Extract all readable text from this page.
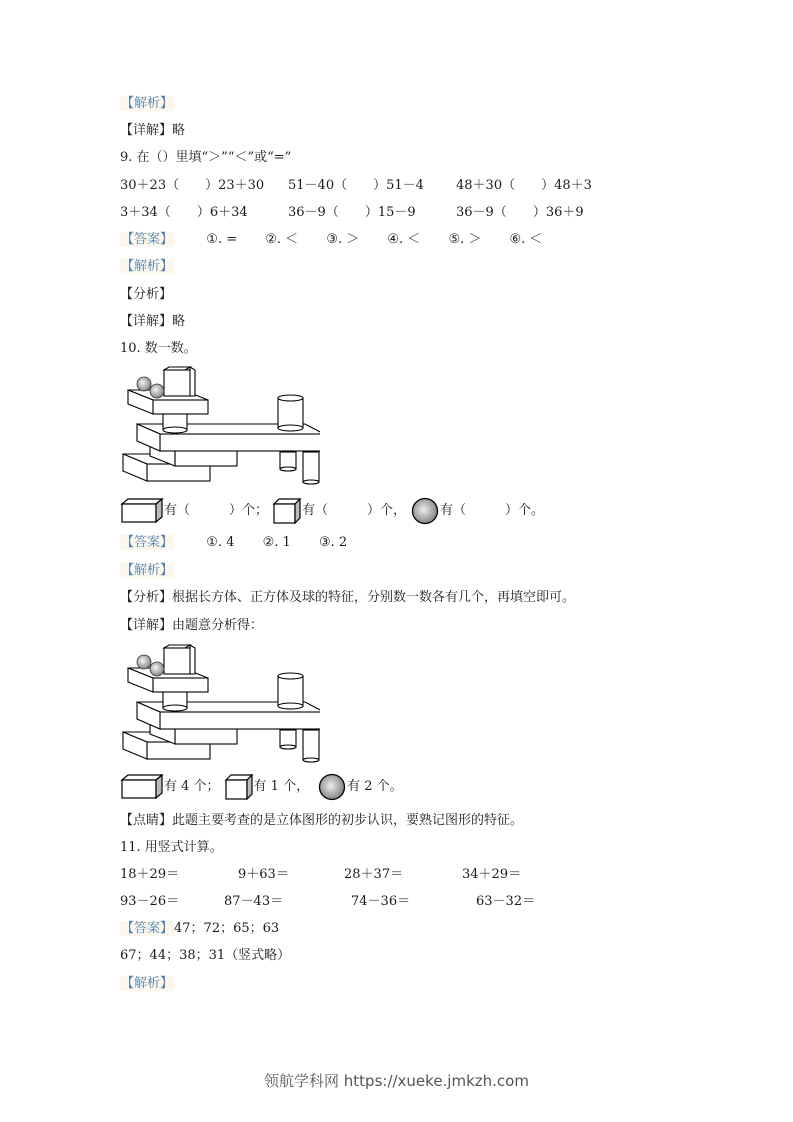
【解析】
【详解】略
9. 在（）里填“＞”“＜”或“=”
30＋23（　　）23＋30 51－40（　　）51－4 48＋30（　　）48＋3
3＋34（　　）6＋34	36－9（　　）15－9	36－9（　　）36＋9
【答案】	①. = ②. ＜ ③. ＞ ④. ＜ ⑤. ＞ ⑥. ＜
【解析】
【分析】
【详解】略
10. 数一数。
有（　　　）个；	有（　　　）个，	有（　　　）个。
【答案】	①. 4 ②. 1 ③. 2
【解析】
【分析】根据长方体、正方体及球的特征，分别数一数各有几个，再填空即可。
【详解】由题意分析得：
有 4 个；	有 1 个，	有 2 个。
【点睛】此题主要考查的是立体图形的初步认识，要熟记图形的特征。
11. 用竖式计算。
18＋29＝	9＋63＝	28＋37＝	34＋29＝
93－26＝	87－43＝	74－36＝	63－32＝
【答案】47；72；65；63
67；44；38；31（竖式略）
【解析】
领航学科网 https://xueke.jmkzh.com
